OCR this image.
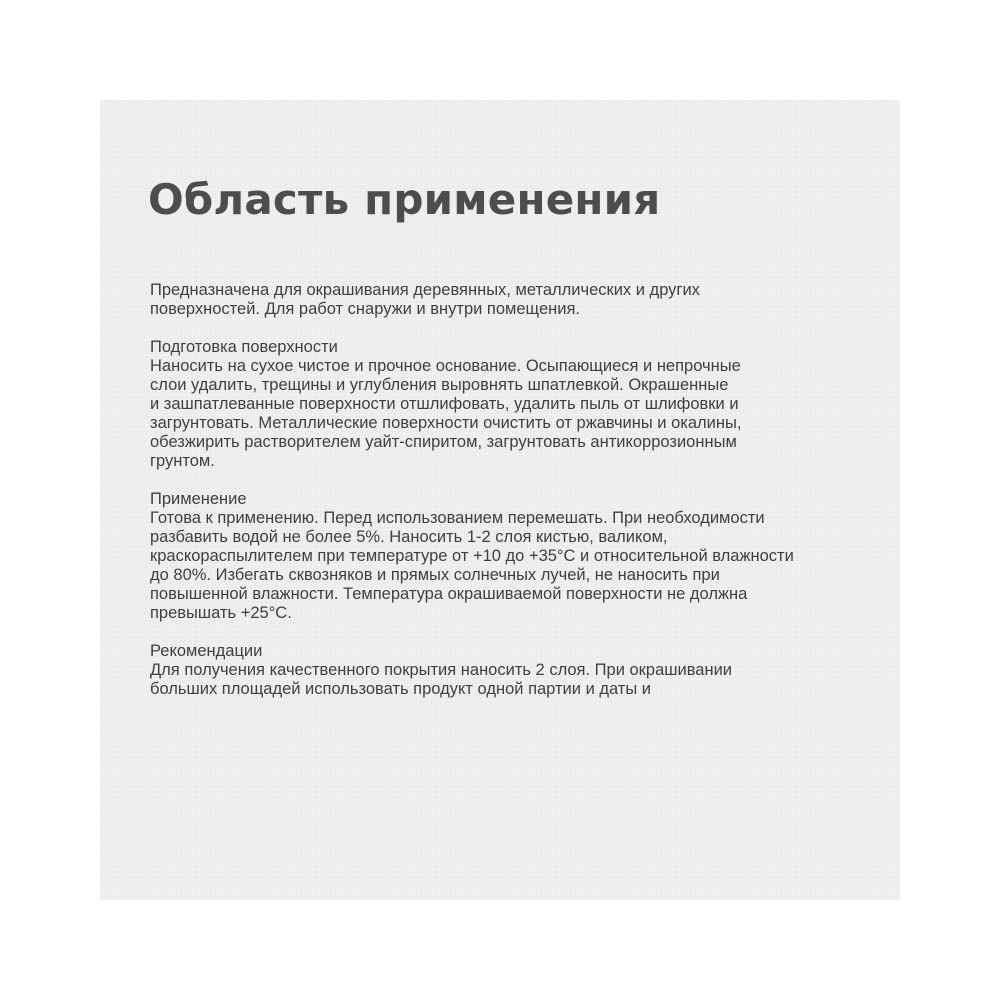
Область применения
Предназначена для окрашивания деревянных, металлических и других
поверхностей. Для работ снаружи и внутри помещения.
Подготовка поверхности
Наносить на сухое чистое и прочное основание. Осыпающиеся и непрочные
слои удалить, трещины и углубления выровнять шпатлевкой. Окрашенные
и зашпатлеванные поверхности отшлифовать, удалить пыль от шлифовки и
загрунтовать. Металлические поверхности очистить от ржавчины и окалины,
обезжирить растворителем уайт-спиритом, загрунтовать антикоррозионным
грунтом.
Применение
Готова к применению. Перед использованием перемешать. При необходимости
разбавить водой не более 5%. Наносить 1-2 слоя кистью, валиком,
краскораспылителем при температуре от +10 до +35°С и относительной влажности
до 80%. Избегать сквозняков и прямых солнечных лучей, не наносить при
повышенной влажности. Температура окрашиваемой поверхности не должна
превышать +25°С.
Рекомендации
Для получения качественного покрытия наносить 2 слоя. При окрашивании
больших площадей использовать продукт одной партии и даты и
